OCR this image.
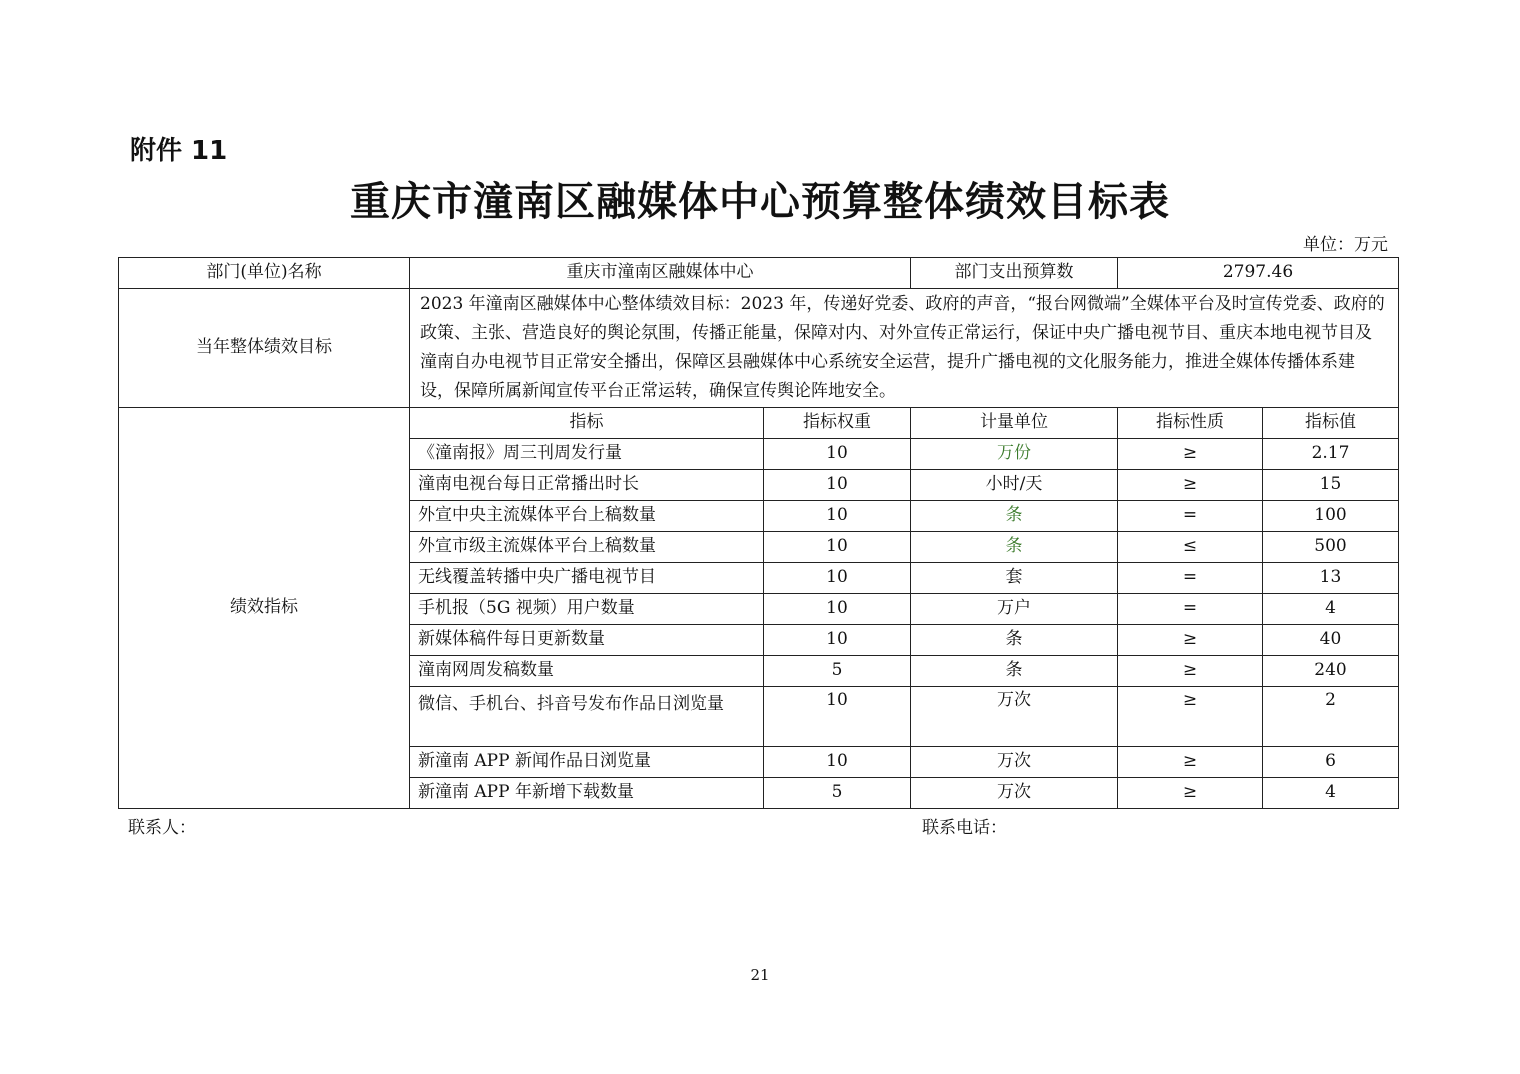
附件 11
重庆市潼南区融媒体中心预算整体绩效目标表
单位：万元
部门(单位)名称	重庆市潼南区融媒体中心		部门支出预算数	2797.46	
当年整体绩效目标	2023 年潼南区融媒体中心整体绩效目标：2023 年，传递好党委、政府的声音，“报台网微端”全媒体平台及时宣传党委、政府的政策、主张、营造良好的舆论氛围，传播正能量，保障对内、对外宣传正常运行，保证中央广播电视节目、重庆本地电视节目及潼南自办电视节目正常安全播出，保障区县融媒体中心系统安全运营，提升广播电视的文化服务能力，推进全媒体传播体系建设，保障所属新闻宣传平台正常运转，确保宣传舆论阵地安全。				
绩效指标	指标	指标权重	计量单位	指标性质	指标值
	《潼南报》周三刊周发行量	10	万份	≥	2.17
	潼南电视台每日正常播出时长	10	小时/天	≥	15
	外宣中央主流媒体平台上稿数量	10	条	=	100
	外宣市级主流媒体平台上稿数量	10	条	≤	500
	无线覆盖转播中央广播电视节目	10	套	=	13
	手机报（5G 视频）用户数量	10	万户	=	4
	新媒体稿件每日更新数量	10	条	≥	40
	潼南网周发稿数量	5	条	≥	240
	微信、手机台、抖音号发布作品日浏览量	10	万次	≥	2
	新潼南 APP 新闻作品日浏览量	10	万次	≥	6
	新潼南 APP 年新增下载数量	5	万次	≥	4
联系人：	联系电话：
21
